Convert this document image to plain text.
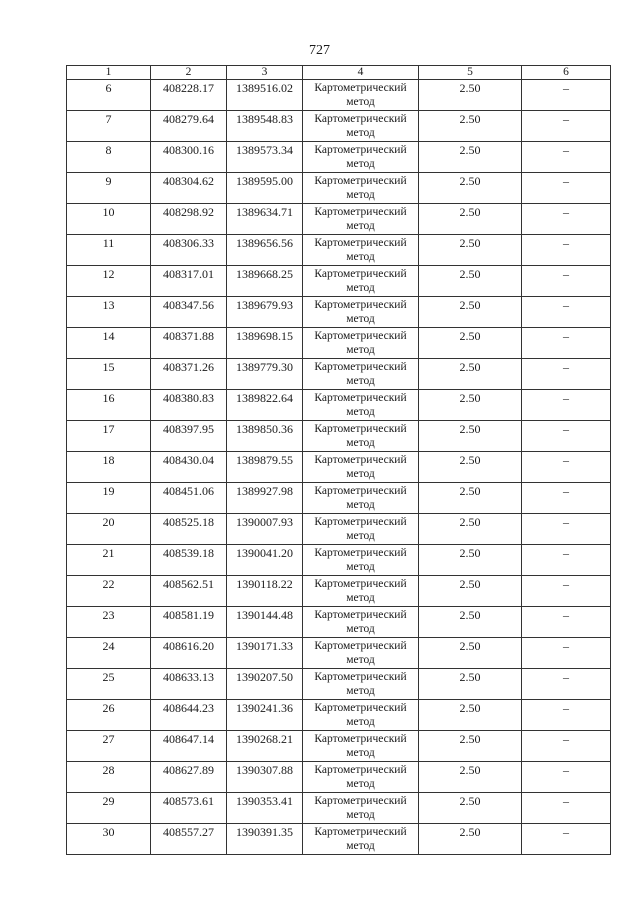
727
1	2	3	4	5	6
6	408228.17	1389516.02	Картометрический метод	2.50	–
7	408279.64	1389548.83	Картометрический метод	2.50	–
8	408300.16	1389573.34	Картометрический метод	2.50	–
9	408304.62	1389595.00	Картометрический метод	2.50	–
10	408298.92	1389634.71	Картометрический метод	2.50	–
11	408306.33	1389656.56	Картометрический метод	2.50	–
12	408317.01	1389668.25	Картометрический метод	2.50	–
13	408347.56	1389679.93	Картометрический метод	2.50	–
14	408371.88	1389698.15	Картометрический метод	2.50	–
15	408371.26	1389779.30	Картометрический метод	2.50	–
16	408380.83	1389822.64	Картометрический метод	2.50	–
17	408397.95	1389850.36	Картометрический метод	2.50	–
18	408430.04	1389879.55	Картометрический метод	2.50	–
19	408451.06	1389927.98	Картометрический метод	2.50	–
20	408525.18	1390007.93	Картометрический метод	2.50	–
21	408539.18	1390041.20	Картометрический метод	2.50	–
22	408562.51	1390118.22	Картометрический метод	2.50	–
23	408581.19	1390144.48	Картометрический метод	2.50	–
24	408616.20	1390171.33	Картометрический метод	2.50	–
25	408633.13	1390207.50	Картометрический метод	2.50	–
26	408644.23	1390241.36	Картометрический метод	2.50	–
27	408647.14	1390268.21	Картометрический метод	2.50	–
28	408627.89	1390307.88	Картометрический метод	2.50	–
29	408573.61	1390353.41	Картометрический метод	2.50	–
30	408557.27	1390391.35	Картометрический метод	2.50	–
